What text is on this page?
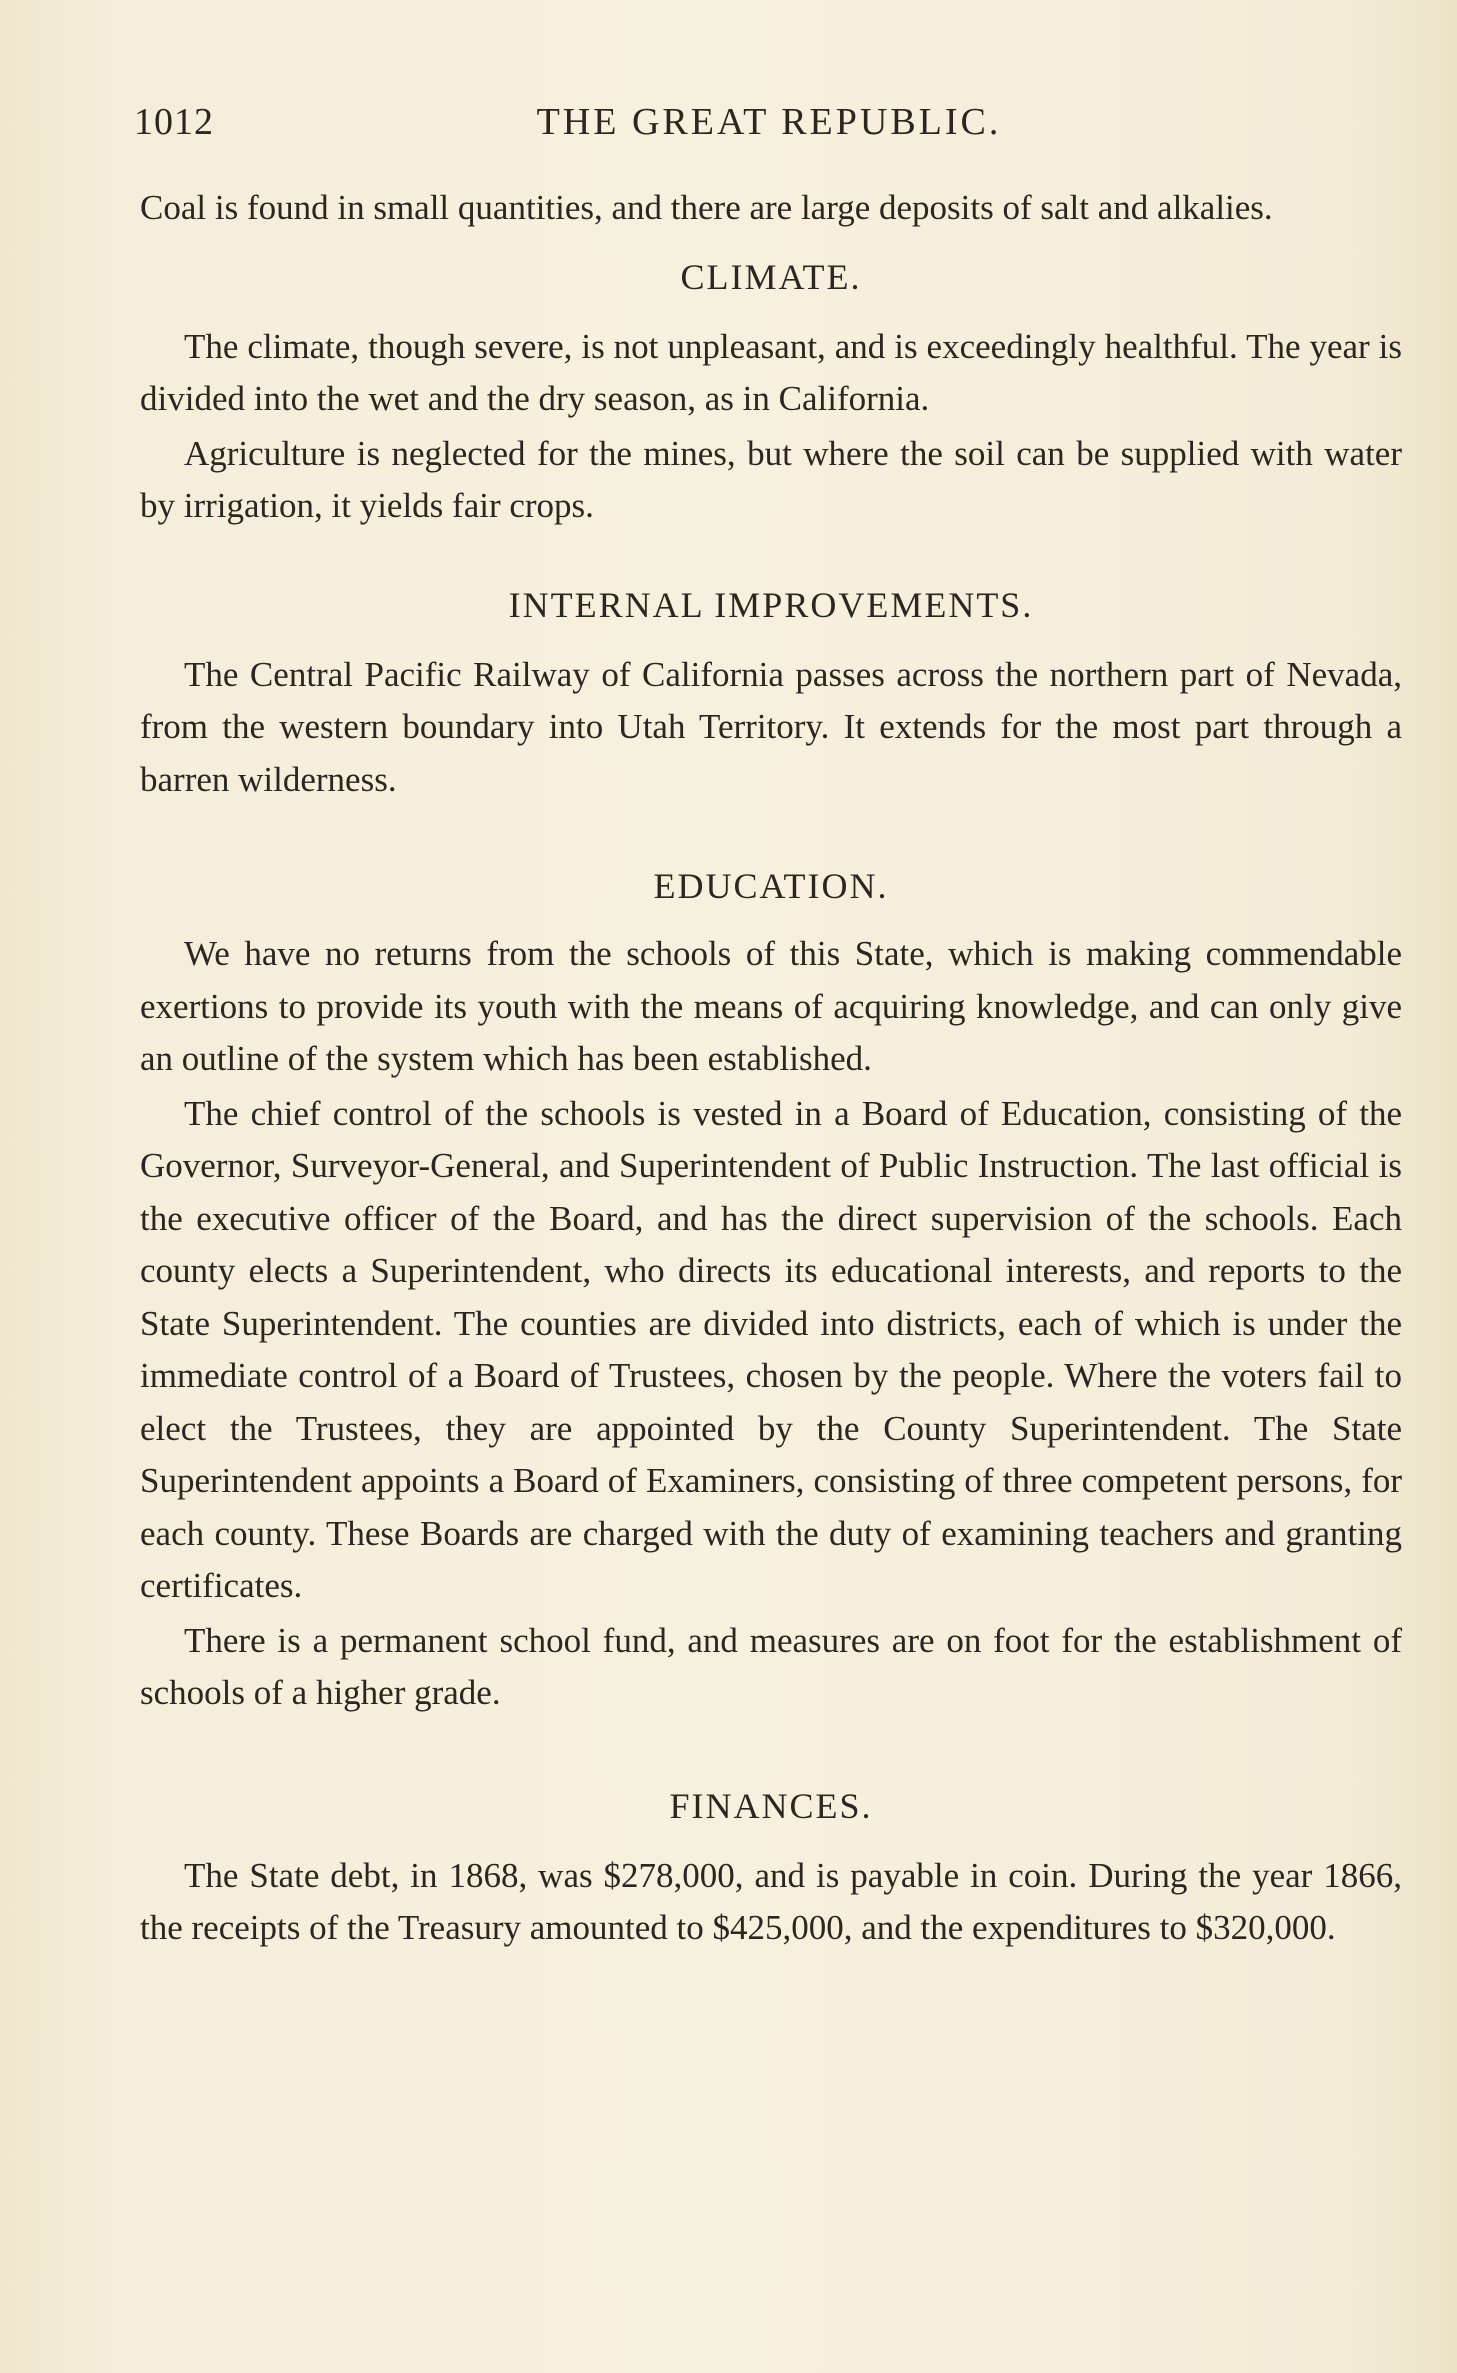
1012	THE GREAT REPUBLIC.

Coal is found in small quantities, and there are large deposits of salt and alkalies.

CLIMATE.

The climate, though severe, is not unpleasant, and is exceedingly healthful. The year is divided into the wet and the dry season, as in California.

Agriculture is neglected for the mines, but where the soil can be supplied with water by irrigation, it yields fair crops.

INTERNAL IMPROVEMENTS.

The Central Pacific Railway of California passes across the northern part of Nevada, from the western boundary into Utah Territory. It extends for the most part through a barren wilderness.

EDUCATION.

We have no returns from the schools of this State, which is making commendable exertions to provide its youth with the means of acquiring knowledge, and can only give an outline of the system which has been established.

The chief control of the schools is vested in a Board of Education, consisting of the Governor, Surveyor-General, and Superintendent of Public Instruction. The last official is the executive officer of the Board, and has the direct supervision of the schools. Each county elects a Superintendent, who directs its educational interests, and reports to the State Superintendent. The counties are divided into districts, each of which is under the immediate control of a Board of Trustees, chosen by the people. Where the voters fail to elect the Trustees, they are appointed by the County Superintendent. The State Superintendent appoints a Board of Examiners, consisting of three competent persons, for each county. These Boards are charged with the duty of examining teachers and granting certificates.

There is a permanent school fund, and measures are on foot for the establishment of schools of a higher grade.

FINANCES.

The State debt, in 1868, was $278,000, and is payable in coin. During the year 1866, the receipts of the Treasury amounted to $425,000, and the expenditures to $320,000.
